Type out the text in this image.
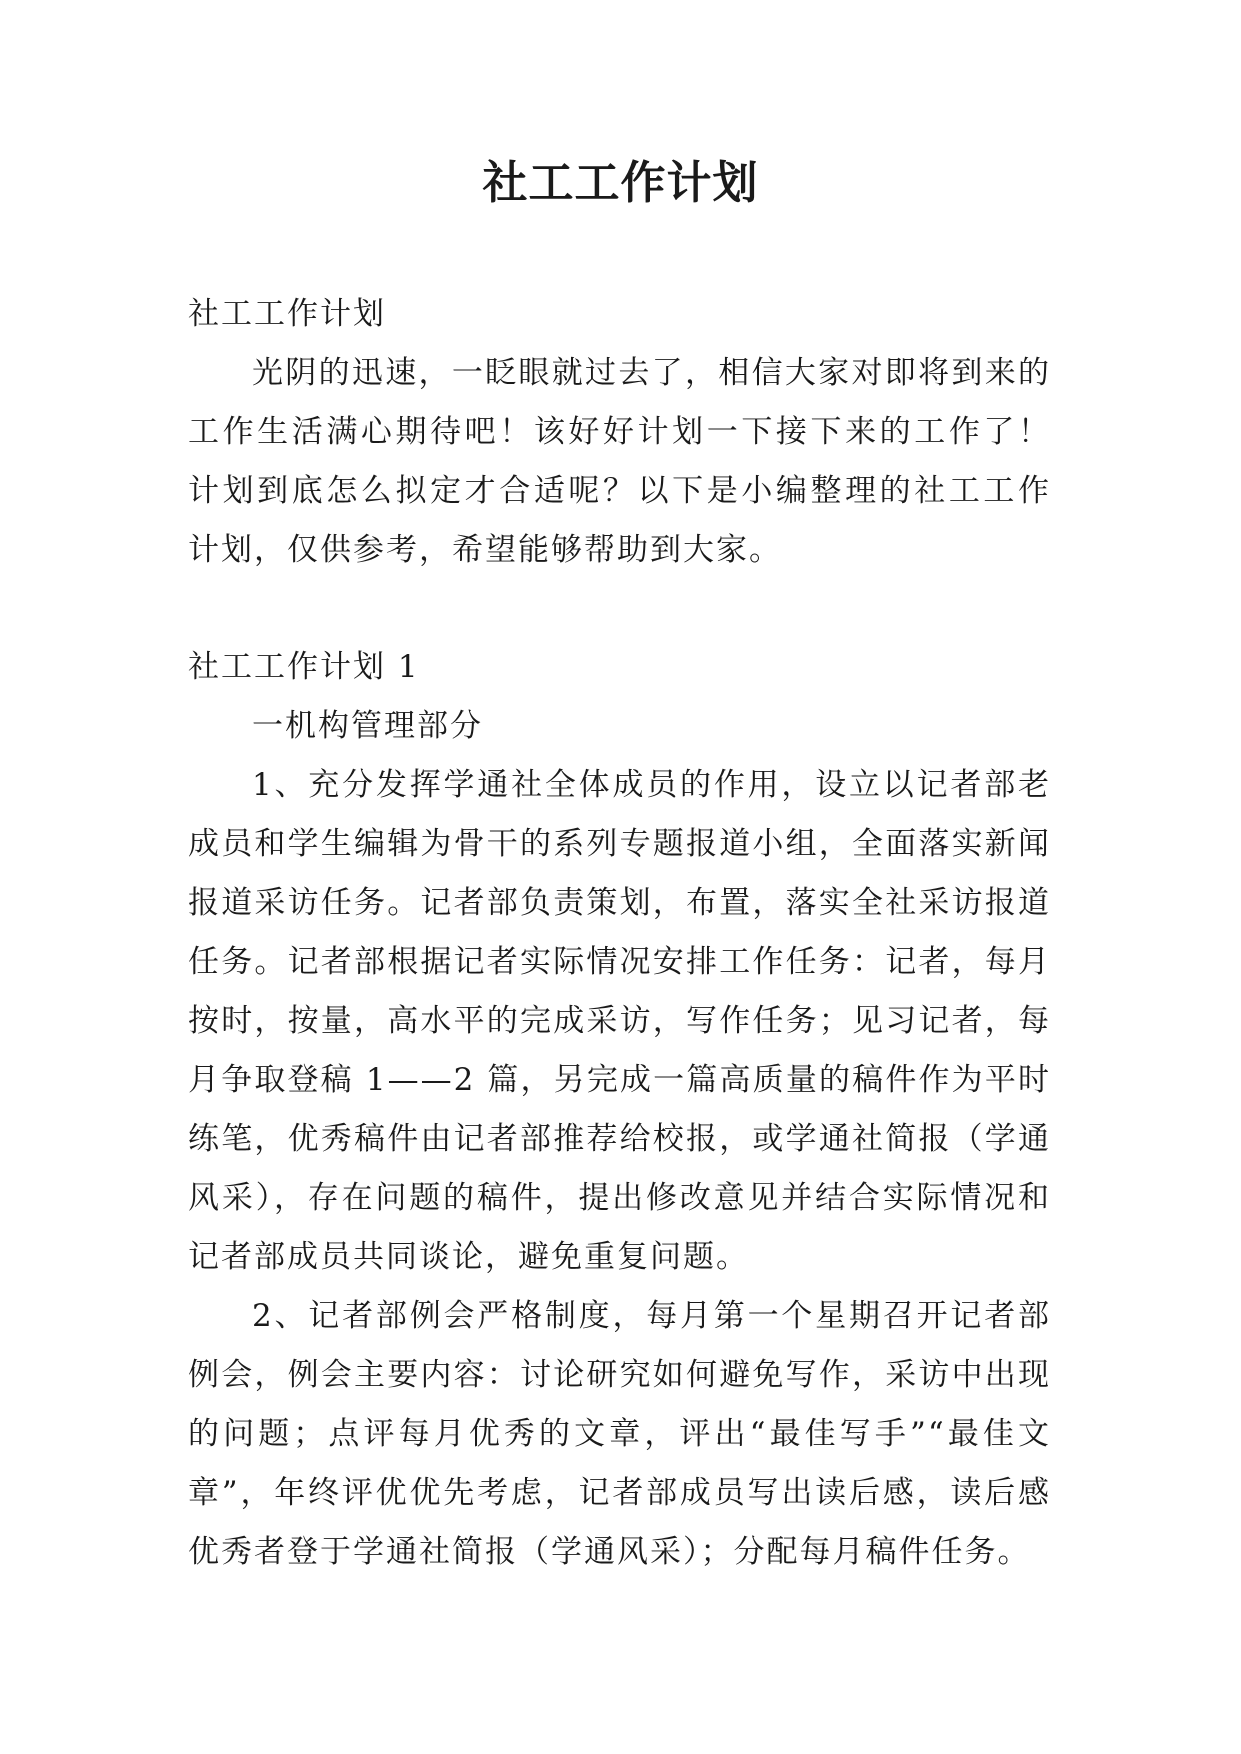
社工工作计划

社工工作计划

光阴的迅速，一眨眼就过去了，相信大家对即将到来的

工作生活满心期待吧！该好好计划一下接下来的工作了！

计划到底怎么拟定才合适呢？以下是小编整理的社工工作

计划，仅供参考，希望能够帮助到大家。

社工工作计划 1

一机构管理部分

1、充分发挥学通社全体成员的作用，设立以记者部老

成员和学生编辑为骨干的系列专题报道小组，全面落实新闻

报道采访任务。记者部负责策划，布置，落实全社采访报道

任务。记者部根据记者实际情况安排工作任务：记者，每月

按时，按量，高水平的完成采访，写作任务；见习记者，每

月争取登稿 1——2 篇，另完成一篇高质量的稿件作为平时

练笔，优秀稿件由记者部推荐给校报，或学通社简报（学通

风采），存在问题的稿件，提出修改意见并结合实际情况和

记者部成员共同谈论，避免重复问题。

2、记者部例会严格制度，每月第一个星期召开记者部

例会，例会主要内容：讨论研究如何避免写作，采访中出现

的问题；点评每月优秀的文章，评出“最佳写手”“最佳文

章”，年终评优优先考虑，记者部成员写出读后感，读后感

优秀者登于学通社简报（学通风采）；分配每月稿件任务。
